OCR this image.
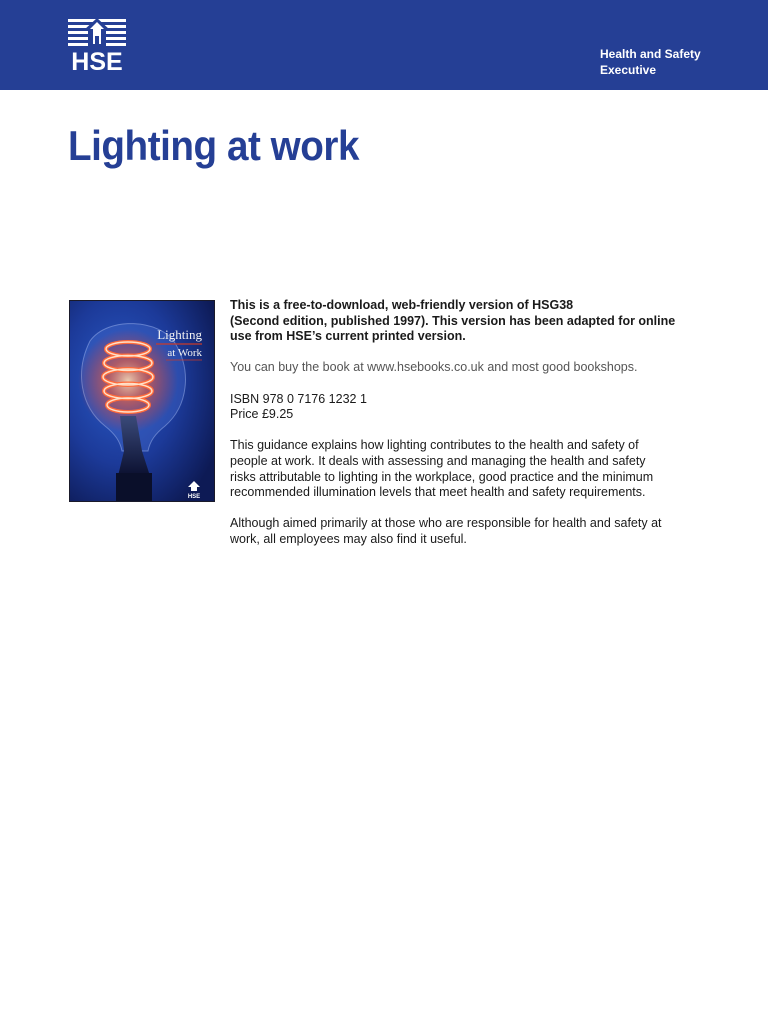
HSE	Health and Safety
Executive
Lighting at work
Lighting
at Work
HSE

This is a free-to-download, web-friendly version of HSG38
(Second edition, published 1997). This version has been adapted for online
use from HSE’s current printed version.

You can buy the book at www.hsebooks.co.uk and most good bookshops.

ISBN 978 0 7176 1232 1
Price £9.25

This guidance explains how lighting contributes to the health and safety of
people at work. It deals with assessing and managing the health and safety
risks attributable to lighting in the workplace, good practice and the minimum
recommended illumination levels that meet health and safety requirements.

Although aimed primarily at those who are responsible for health and safety at
work, all employees may also find it useful.
